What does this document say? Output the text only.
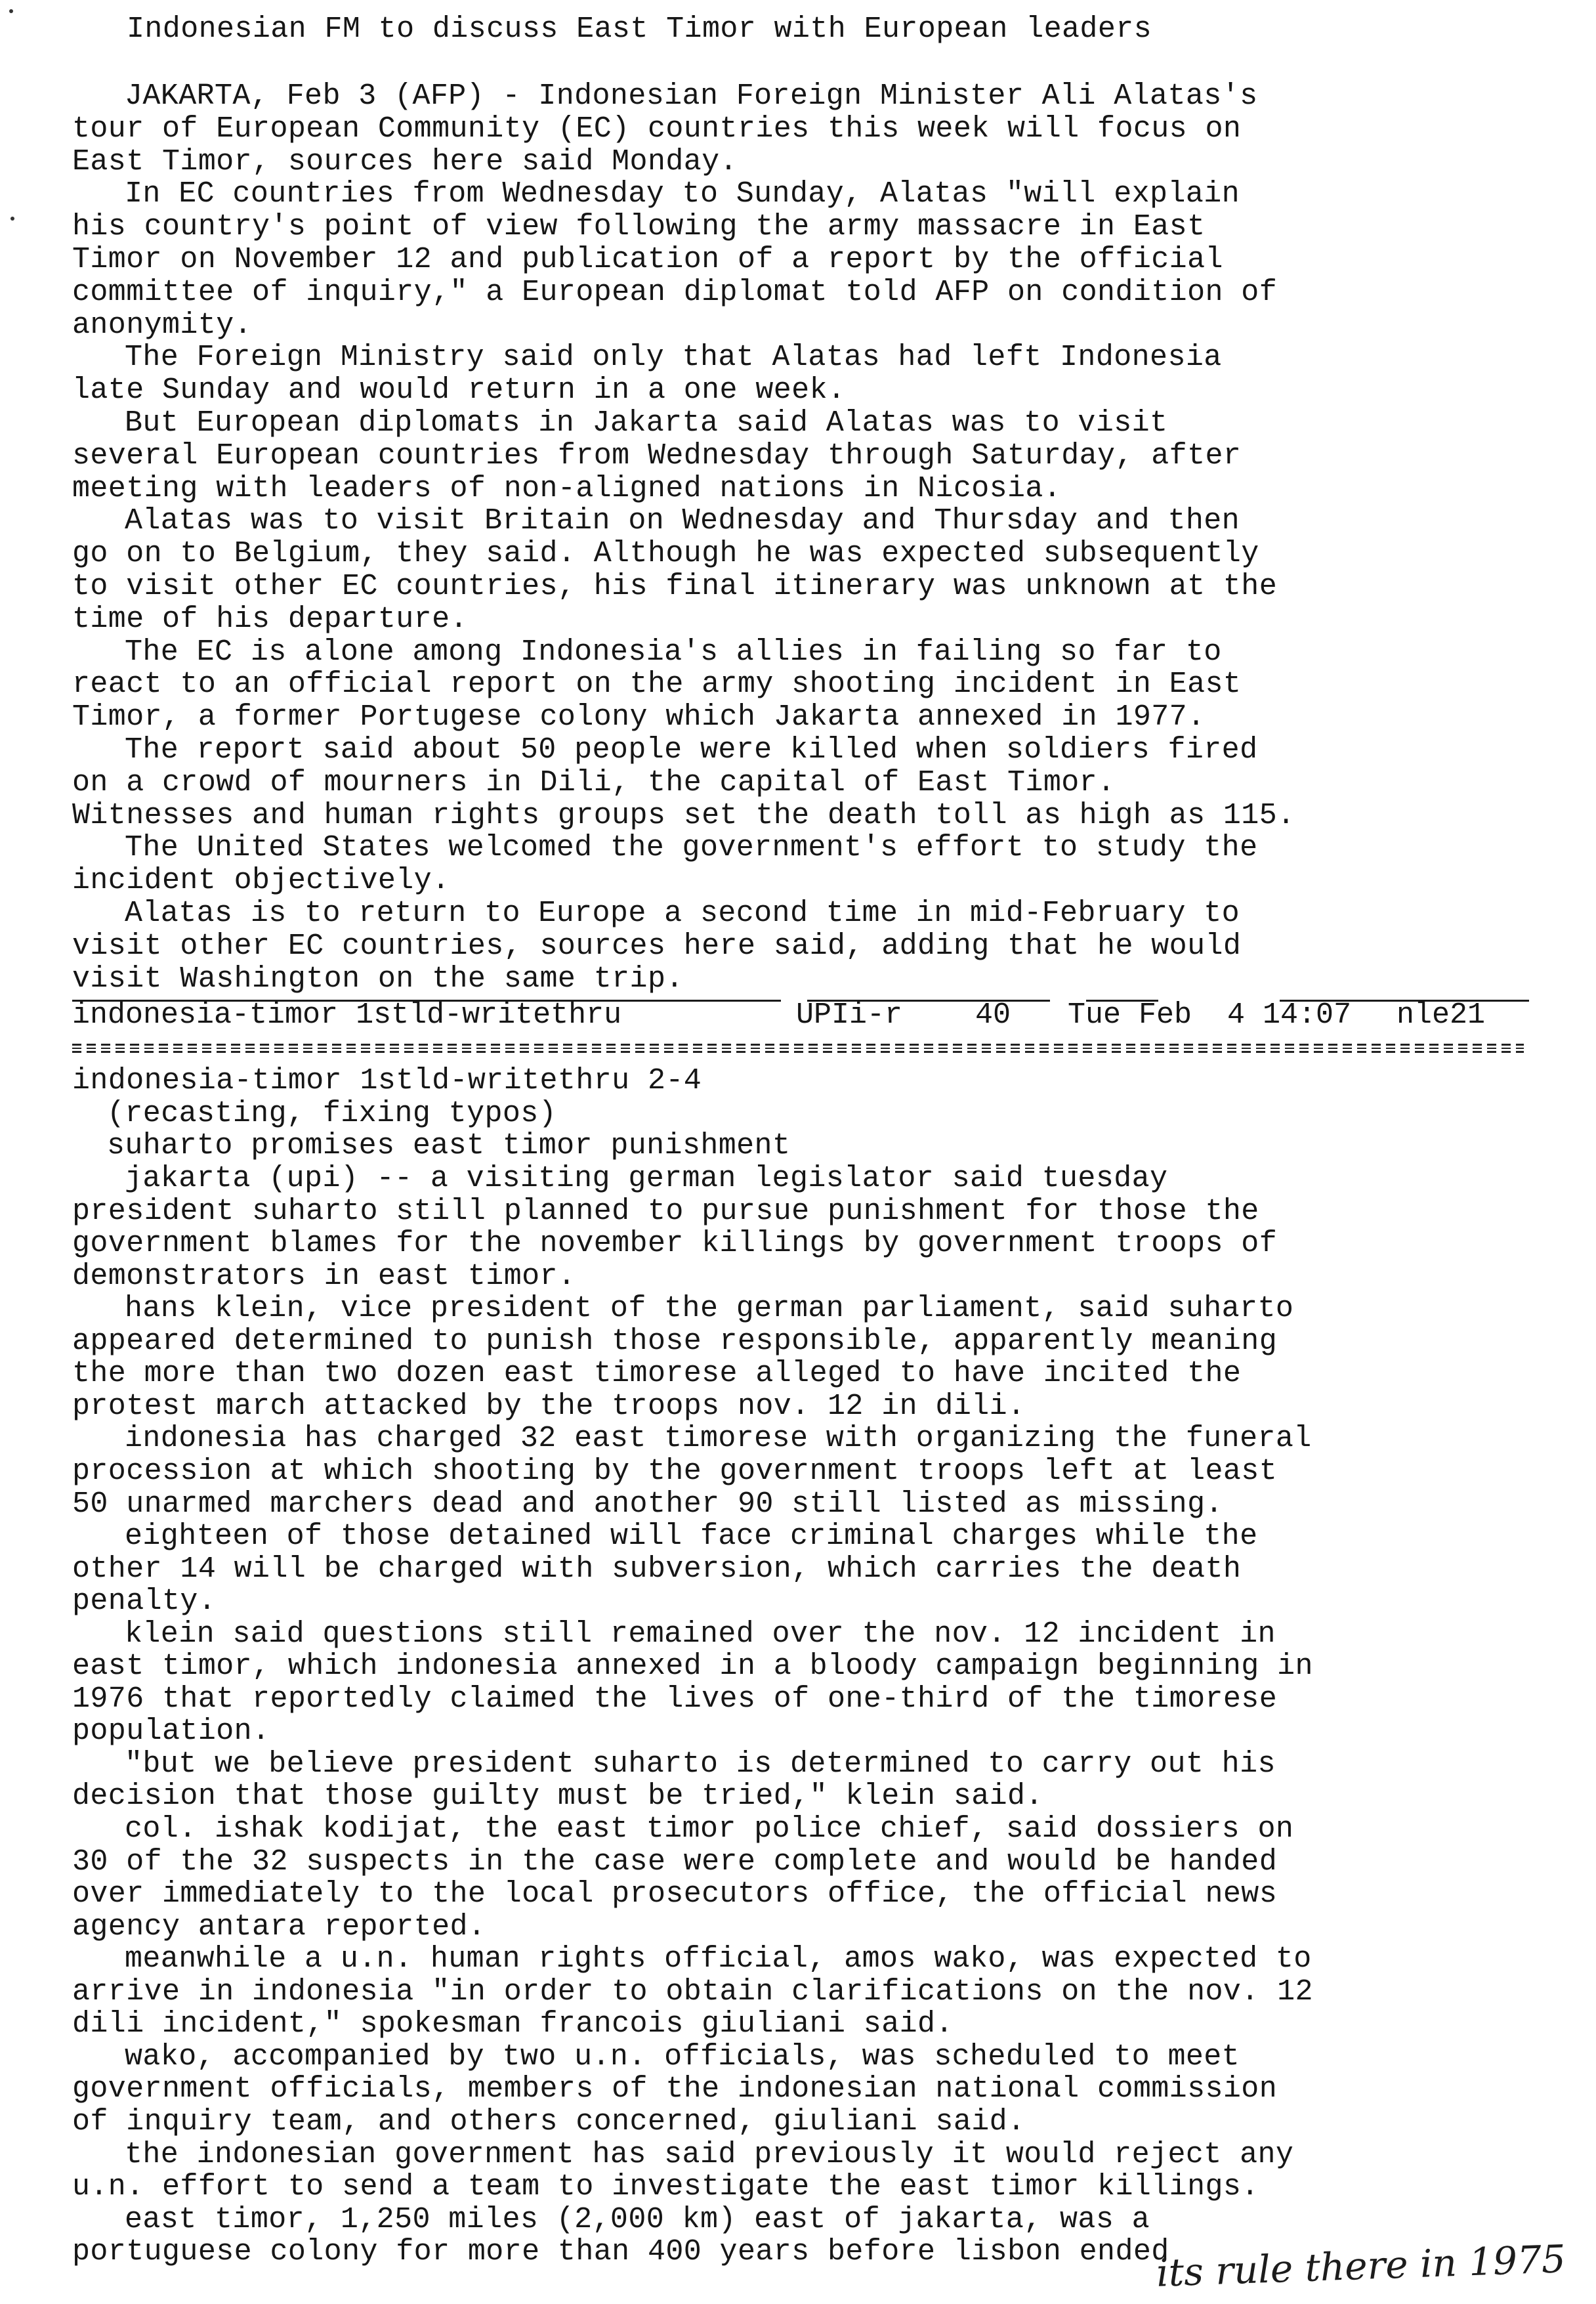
Indonesian FM to discuss East Timor with European leaders
JAKARTA, Feb 3 (AFP) - Indonesian Foreign Minister Ali Alatas's
tour of European Community (EC) countries this week will focus on
East Timor, sources here said Monday.
In EC countries from Wednesday to Sunday, Alatas "will explain
his country's point of view following the army massacre in East
Timor on November 12 and publication of a report by the official
committee of inquiry," a European diplomat told AFP on condition of
anonymity.
The Foreign Ministry said only that Alatas had left Indonesia
late Sunday and would return in a one week.
But European diplomats in Jakarta said Alatas was to visit
several European countries from Wednesday through Saturday, after
meeting with leaders of non-aligned nations in Nicosia.
Alatas was to visit Britain on Wednesday and Thursday and then
go on to Belgium, they said. Although he was expected subsequently
to visit other EC countries, his final itinerary was unknown at the
time of his departure.
The EC is alone among Indonesia's allies in failing so far to
react to an official report on the army shooting incident in East
Timor, a former Portugese colony which Jakarta annexed in 1977.
The report said about 50 people were killed when soldiers fired
on a crowd of mourners in Dili, the capital of East Timor.
Witnesses and human rights groups set the death toll as high as 115.
The United States welcomed the government's effort to study the
incident objectively.
Alatas is to return to Europe a second time in mid-February to
visit other EC countries, sources here said, adding that he would
visit Washington on the same trip.
indonesia-timor 1stld-writethru	UPIi-r 40 Tue Feb  4 14:07 nle21
indonesia-timor 1stld-writethru 2-4
(recasting, fixing typos)
suharto promises east timor punishment
jakarta (upi) -- a visiting german legislator said tuesday
president suharto still planned to pursue punishment for those the
government blames for the november killings by government troops of
demonstrators in east timor.
hans klein, vice president of the german parliament, said suharto
appeared determined to punish those responsible, apparently meaning
the more than two dozen east timorese alleged to have incited the
protest march attacked by the troops nov. 12 in dili.
indonesia has charged 32 east timorese with organizing the funeral
procession at which shooting by the government troops left at least
50 unarmed marchers dead and another 90 still listed as missing.
eighteen of those detained will face criminal charges while the
other 14 will be charged with subversion, which carries the death
penalty.
klein said questions still remained over the nov. 12 incident in
east timor, which indonesia annexed in a bloody campaign beginning in
1976 that reportedly claimed the lives of one-third of the timorese
population.
"but we believe president suharto is determined to carry out his
decision that those guilty must be tried," klein said.
col. ishak kodijat, the east timor police chief, said dossiers on
30 of the 32 suspects in the case were complete and would be handed
over immediately to the local prosecutors office, the official news
agency antara reported.
meanwhile a u.n. human rights official, amos wako, was expected to
arrive in indonesia "in order to obtain clarifications on the nov. 12
dili incident," spokesman francois giuliani said.
wako, accompanied by two u.n. officials, was scheduled to meet
government officials, members of the indonesian national commission
of inquiry team, and others concerned, giuliani said.
the indonesian government has said previously it would reject any
u.n. effort to send a team to investigate the east timor killings.
east timor, 1,250 miles (2,000 km) east of jakarta, was a
portuguese colony for more than 400 years before lisbon ended
its rule there in 1975
